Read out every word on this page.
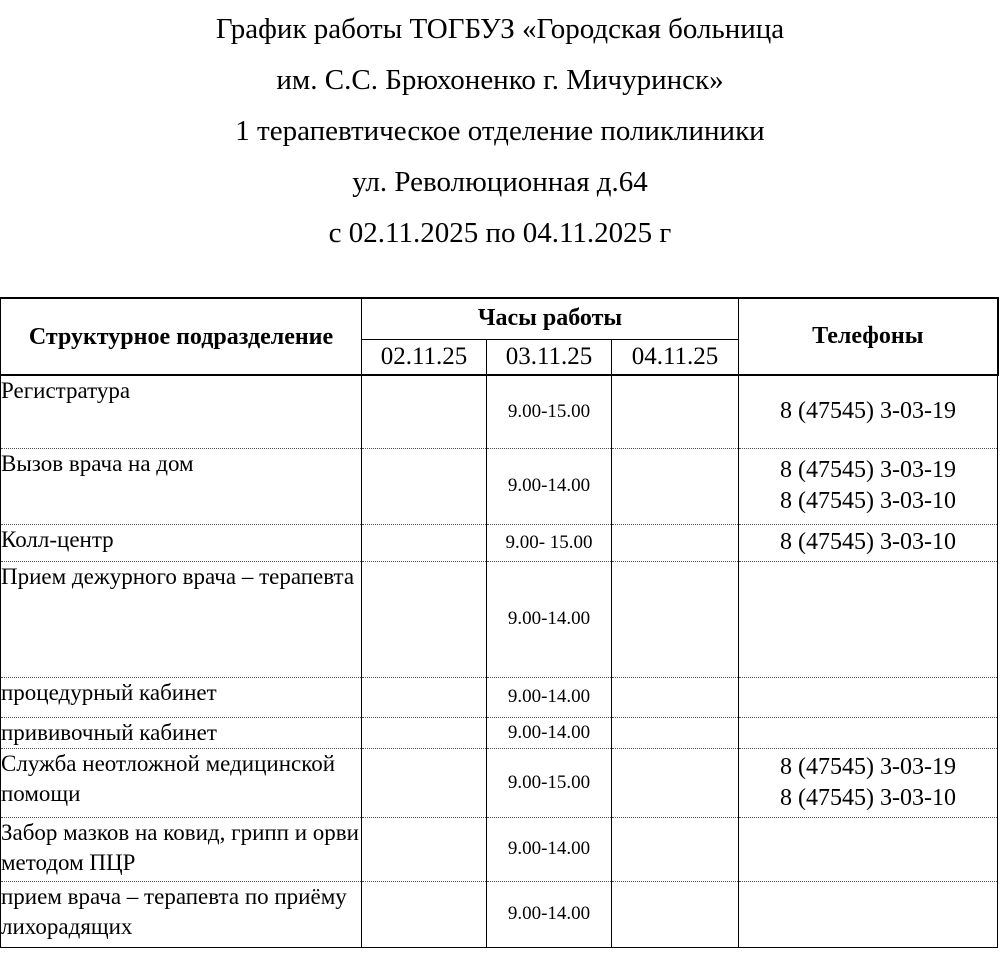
График работы ТОГБУЗ «Городская больница
им. С.С. Брюхоненко г. Мичуринск»
1 терапевтическое отделение поликлиники
ул. Революционная д.64
с 02.11.2025 по 04.11.2025 г
Структурное подразделение	Часы работы			Телефоны
	02.11.25	03.11.25	04.11.25	
Регистратура		9.00-15.00		8 (47545) 3-03-19

Вызов врача на дом		9.00-14.00		8 (47545) 3-03-19
8 (47545) 3-03-10

Колл-центр		9.00- 15.00		8 (47545) 3-03-10

Прием дежурного врача – терапевта		9.00-14.00		
процедурный кабинет		9.00-14.00		
прививочный кабинет		9.00-14.00		
Служба неотложной медицинской помощи		9.00-15.00		8 (47545) 3-03-19
8 (47545) 3-03-10

Забор мазков на ковид, грипп и орви методом ПЦР		9.00-14.00		
прием врача – терапевта по приёму лихорадящих		9.00-14.00		
